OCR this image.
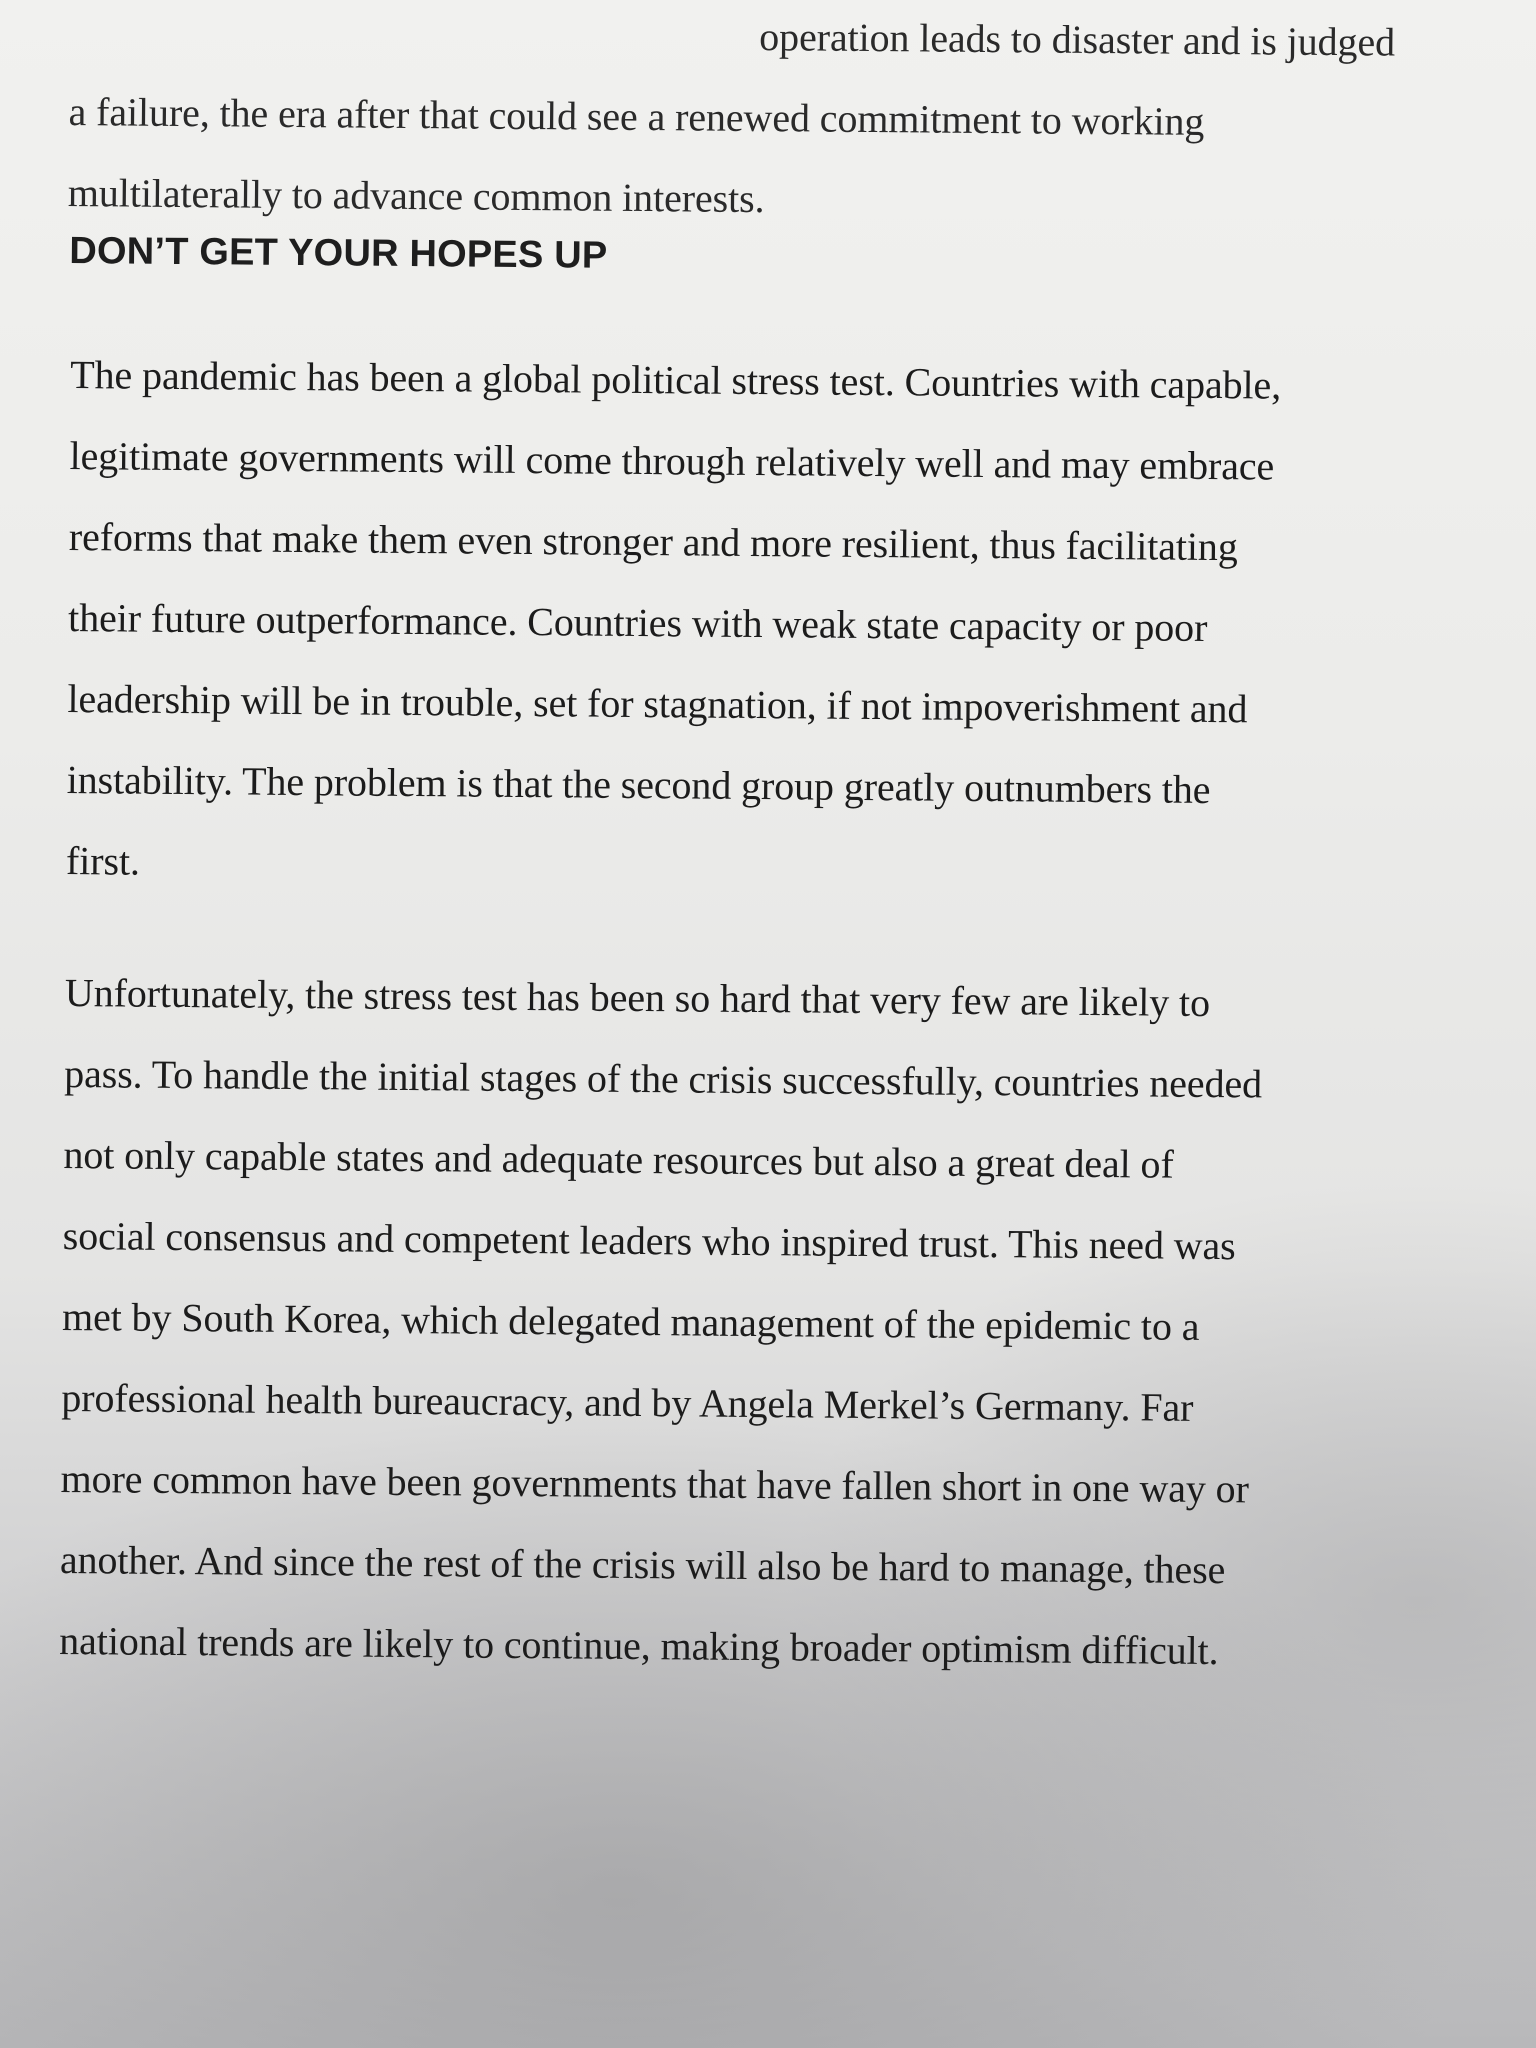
operation leads to disaster and is judged
a failure, the era after that could see a renewed commitment to working
multilaterally to advance common interests.

DON’T GET YOUR HOPES UP

The pandemic has been a global political stress test. Countries with capable,
legitimate governments will come through relatively well and may embrace
reforms that make them even stronger and more resilient, thus facilitating
their future outperformance. Countries with weak state capacity or poor
leadership will be in trouble, set for stagnation, if not impoverishment and
instability. The problem is that the second group greatly outnumbers the
first.

Unfortunately, the stress test has been so hard that very few are likely to
pass. To handle the initial stages of the crisis successfully, countries needed
not only capable states and adequate resources but also a great deal of
social consensus and competent leaders who inspired trust. This need was
met by South Korea, which delegated management of the epidemic to a
professional health bureaucracy, and by Angela Merkel’s Germany. Far
more common have been governments that have fallen short in one way or
another. And since the rest of the crisis will also be hard to manage, these
national trends are likely to continue, making broader optimism difficult.
